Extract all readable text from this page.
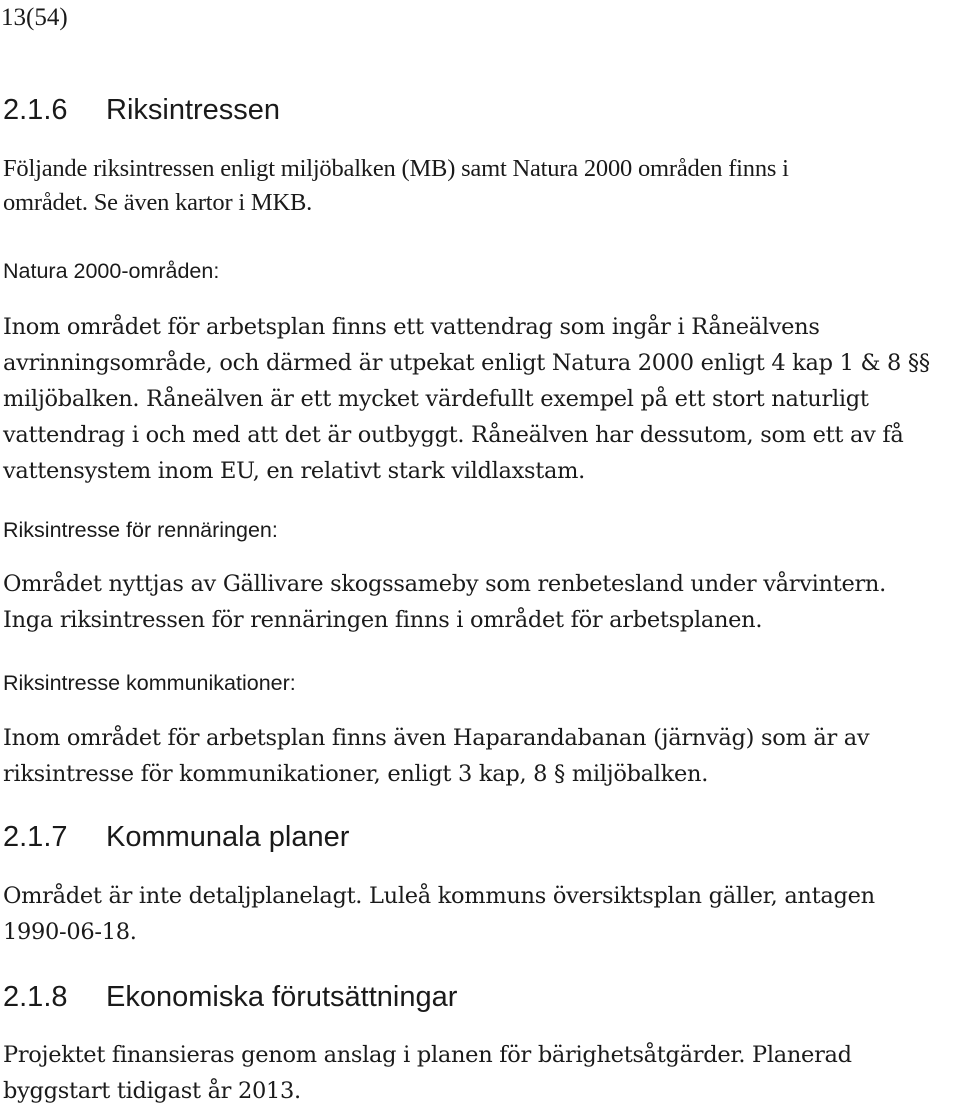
13(54)
2.1.6	Riksintressen
Följande riksintressen enligt miljöbalken (MB) samt Natura 2000 områden finns i
området. Se även kartor i MKB.
Natura 2000-områden:
Inom området för arbetsplan finns ett vattendrag som ingår i Råneälvens
avrinningsområde, och därmed är utpekat enligt Natura 2000 enligt 4 kap 1 & 8 §§
miljöbalken. Råneälven är ett mycket värdefullt exempel på ett stort naturligt
vattendrag i och med att det är outbyggt. Råneälven har dessutom, som ett av få
vattensystem inom EU, en relativt stark vildlaxstam.
Riksintresse för rennäringen:
Området nyttjas av Gällivare skogssameby som renbetesland under vårvintern.
Inga riksintressen för rennäringen finns i området för arbetsplanen.
Riksintresse kommunikationer:
Inom området för arbetsplan finns även Haparandabanan (järnväg) som är av
riksintresse för kommunikationer, enligt 3 kap, 8 § miljöbalken.
2.1.7	Kommunala planer
Området är inte detaljplanelagt. Luleå kommuns översiktsplan gäller, antagen
1990-06-18.
2.1.8	Ekonomiska förutsättningar
Projektet finansieras genom anslag i planen för bärighetsåtgärder. Planerad
byggstart tidigast år 2013.
